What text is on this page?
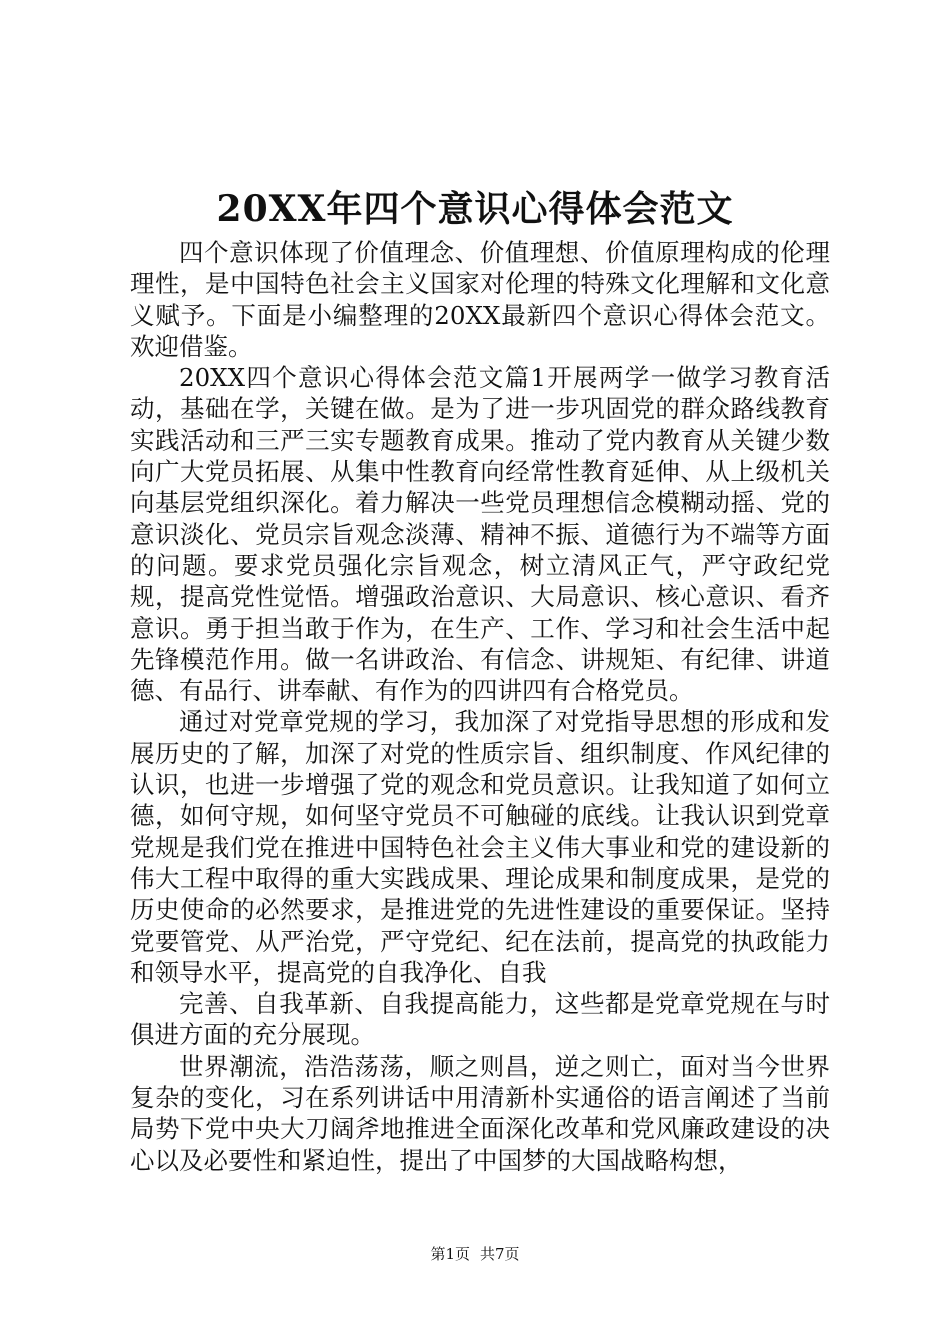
20XX年四个意识心得体会范文

四个意识体现了价值理念、价值理想、价值原理构成的伦理理性，是中国特色社会主义国家对伦理的特殊文化理解和文化意义赋予。下面是小编整理的20XX最新四个意识心得体会范文。欢迎借鉴。

20XX四个意识心得体会范文篇1开展两学一做学习教育活动，基础在学，关键在做。是为了进一步巩固党的群众路线教育实践活动和三严三实专题教育成果。推动了党内教育从关键少数向广大党员拓展、从集中性教育向经常性教育延伸、从上级机关向基层党组织深化。着力解决一些党员理想信念模糊动摇、党的意识淡化、党员宗旨观念淡薄、精神不振、道德行为不端等方面的问题。要求党员强化宗旨观念，树立清风正气，严守政纪党规，提高党性觉悟。增强政治意识、大局意识、核心意识、看齐意识。勇于担当敢于作为，在生产、工作、学习和社会生活中起先锋模范作用。做一名讲政治、有信念、讲规矩、有纪律、讲道德、有品行、讲奉献、有作为的四讲四有合格党员。

通过对党章党规的学习，我加深了对党指导思想的形成和发展历史的了解，加深了对党的性质宗旨、组织制度、作风纪律的认识，也进一步增强了党的观念和党员意识。让我知道了如何立德，如何守规，如何坚守党员不可触碰的底线。让我认识到党章党规是我们党在推进中国特色社会主义伟大事业和党的建设新的伟大工程中取得的重大实践成果、理论成果和制度成果，是党的历史使命的必然要求，是推进党的先进性建设的重要保证。坚持党要管党、从严治党，严守党纪、纪在法前，提高党的执政能力和领导水平，提高党的自我净化、自我

完善、自我革新、自我提高能力，这些都是党章党规在与时俱进方面的充分展现。

世界潮流，浩浩荡荡，顺之则昌，逆之则亡，面对当今世界复杂的变化，习在系列讲话中用清新朴实通俗的语言阐述了当前局势下党中央大刀阔斧地推进全面深化改革和党风廉政建设的决心以及必要性和紧迫性，提出了中国梦的大国战略构想，

第1页 共7页
